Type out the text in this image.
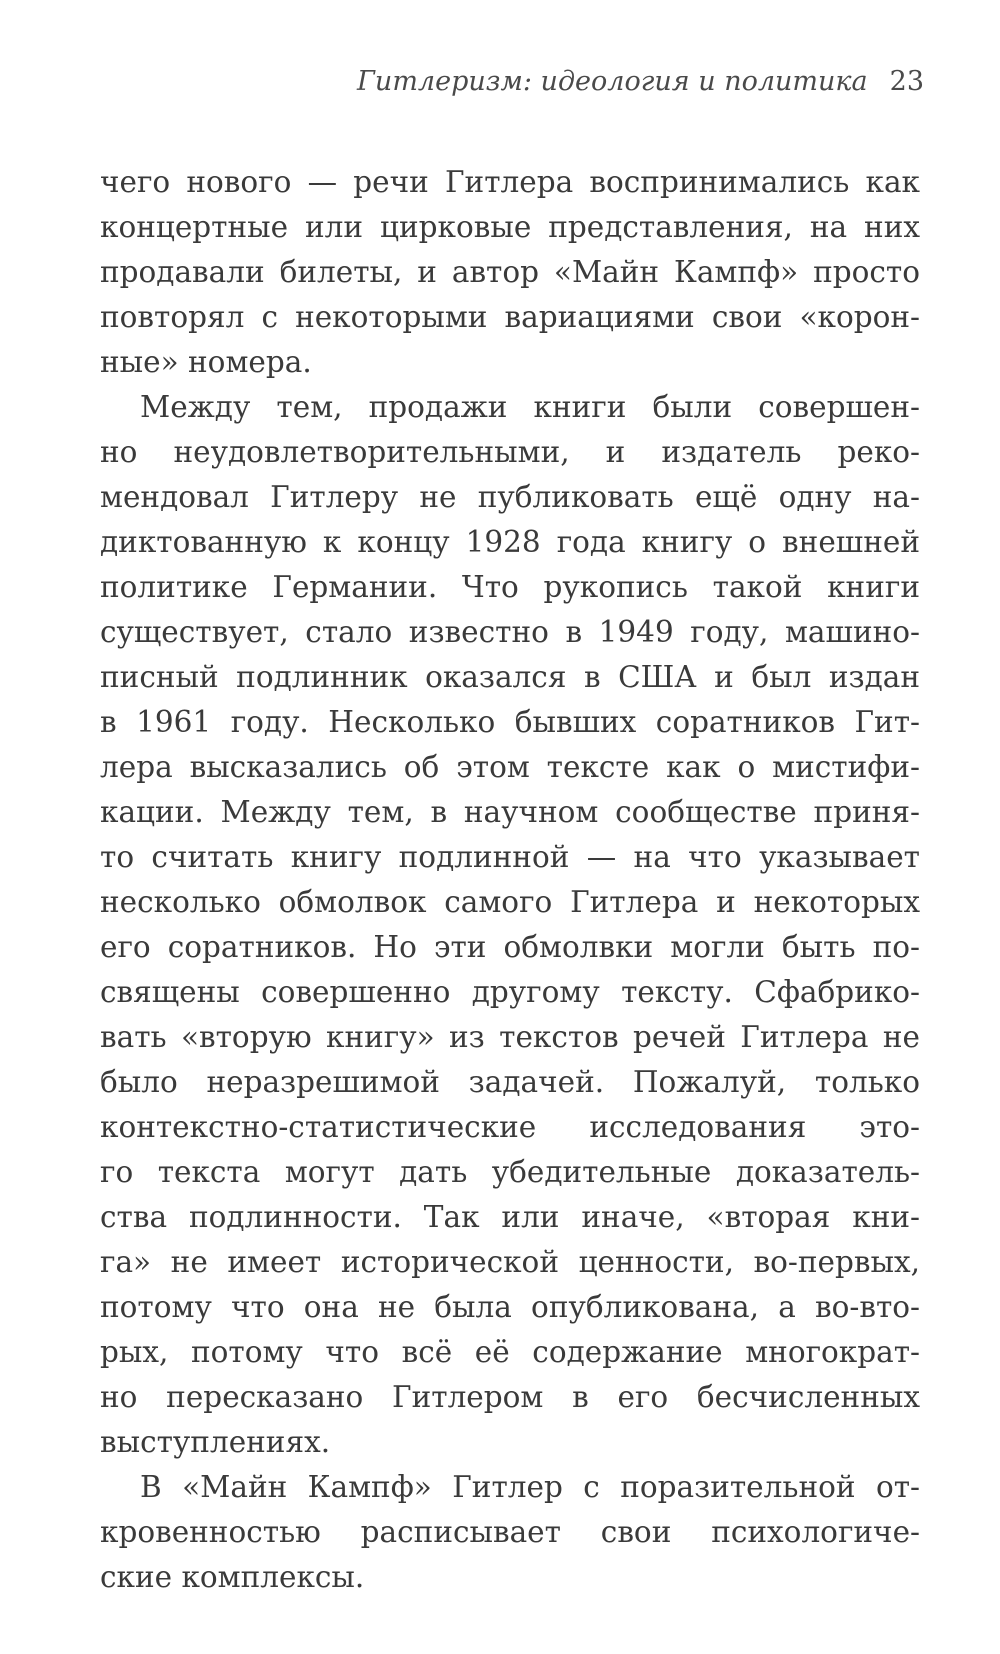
Гитлеризм: идеология и политика 23
чего нового — речи Гитлера воспринимались как
концертные или цирковые представления, на них
продавали билеты, и автор «Майн Кампф» просто
повторял с некоторыми вариациями свои «корон-
ные» номера.
Между тем, продажи книги были совершен-
но неудовлетворительными, и издатель реко-
мендовал Гитлеру не публиковать ещё одну на-
диктованную к концу 1928 года книгу о внешней
политике Германии. Что рукопись такой книги
существует, стало известно в 1949 году, машино-
писный подлинник оказался в США и был издан
в 1961 году. Несколько бывших соратников Гит-
лера высказались об этом тексте как о мистифи-
кации. Между тем, в научном сообществе приня-
то считать книгу подлинной — на что указывает
несколько обмолвок самого Гитлера и некоторых
его соратников. Но эти обмолвки могли быть по-
священы совершенно другому тексту. Сфабрико-
вать «вторую книгу» из текстов речей Гитлера не
было неразрешимой задачей. Пожалуй, только
контекстно-статистические исследования это-
го текста могут дать убедительные доказатель-
ства подлинности. Так или иначе, «вторая кни-
га» не имеет исторической ценности, во-первых,
потому что она не была опубликована, а во-вто-
рых, потому что всё её содержание многократ-
но пересказано Гитлером в его бесчисленных
выступлениях.
В «Майн Кампф» Гитлер с поразительной от-
кровенностью расписывает свои психологиче-
ские комплексы.
